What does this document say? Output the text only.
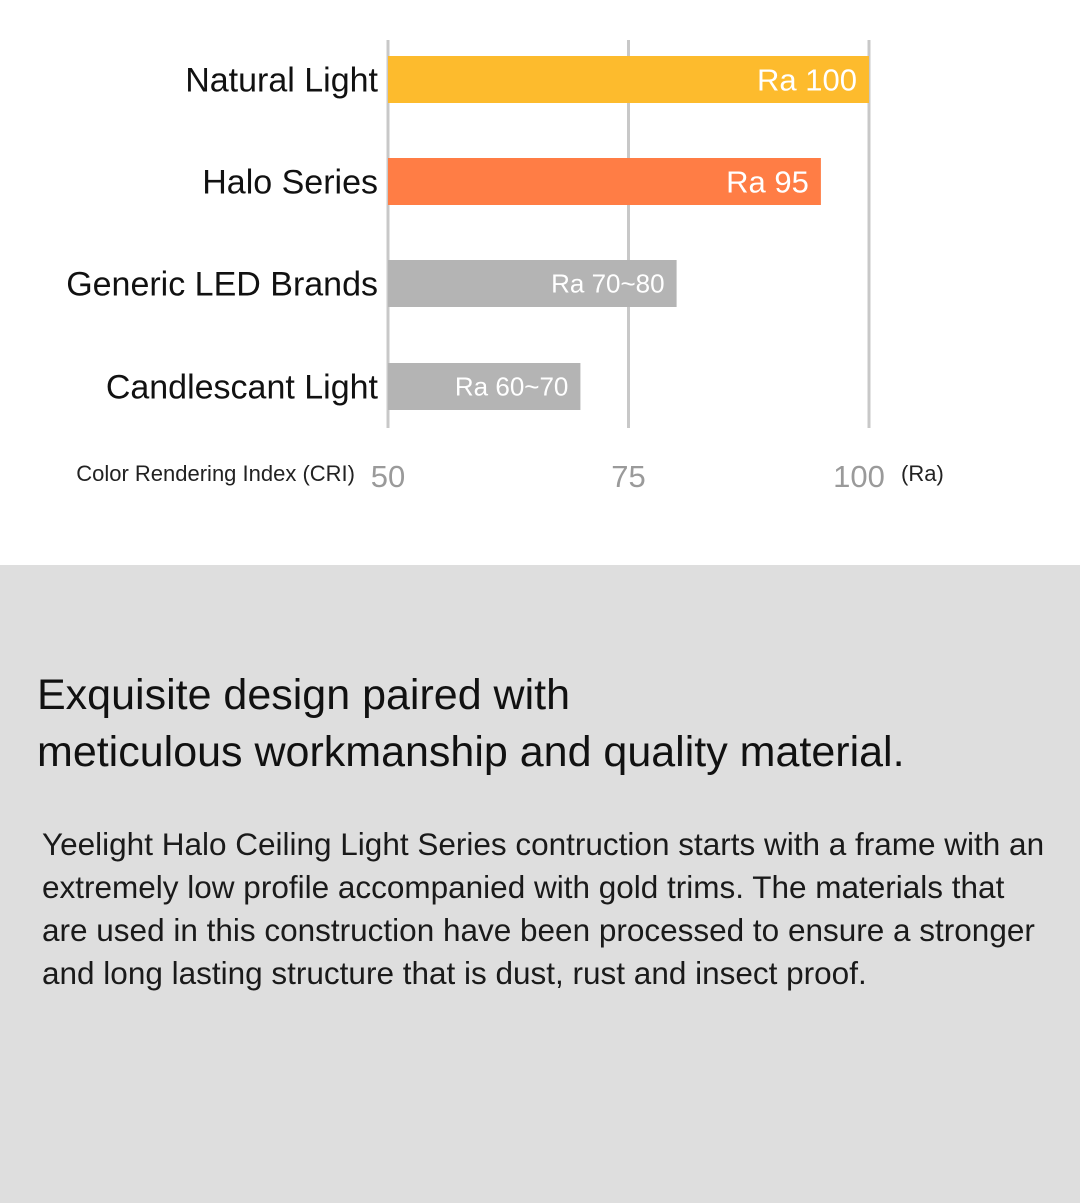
Natural Light	Ra 100
Halo Series	Ra 95
Generic LED Brands	Ra 70~80
Candlescant Light	Ra 60~70
Color Rendering Index (CRI) 50	75	100 (Ra)
Exquisite design paired with
meticulous workmanship and quality material.

Yeelight Halo Ceiling Light Series contruction starts with a frame with an extremely low profile accompanied with gold trims. The materials that are used in this construction have been processed to ensure a stronger and long lasting structure that is dust, rust and insect proof.
